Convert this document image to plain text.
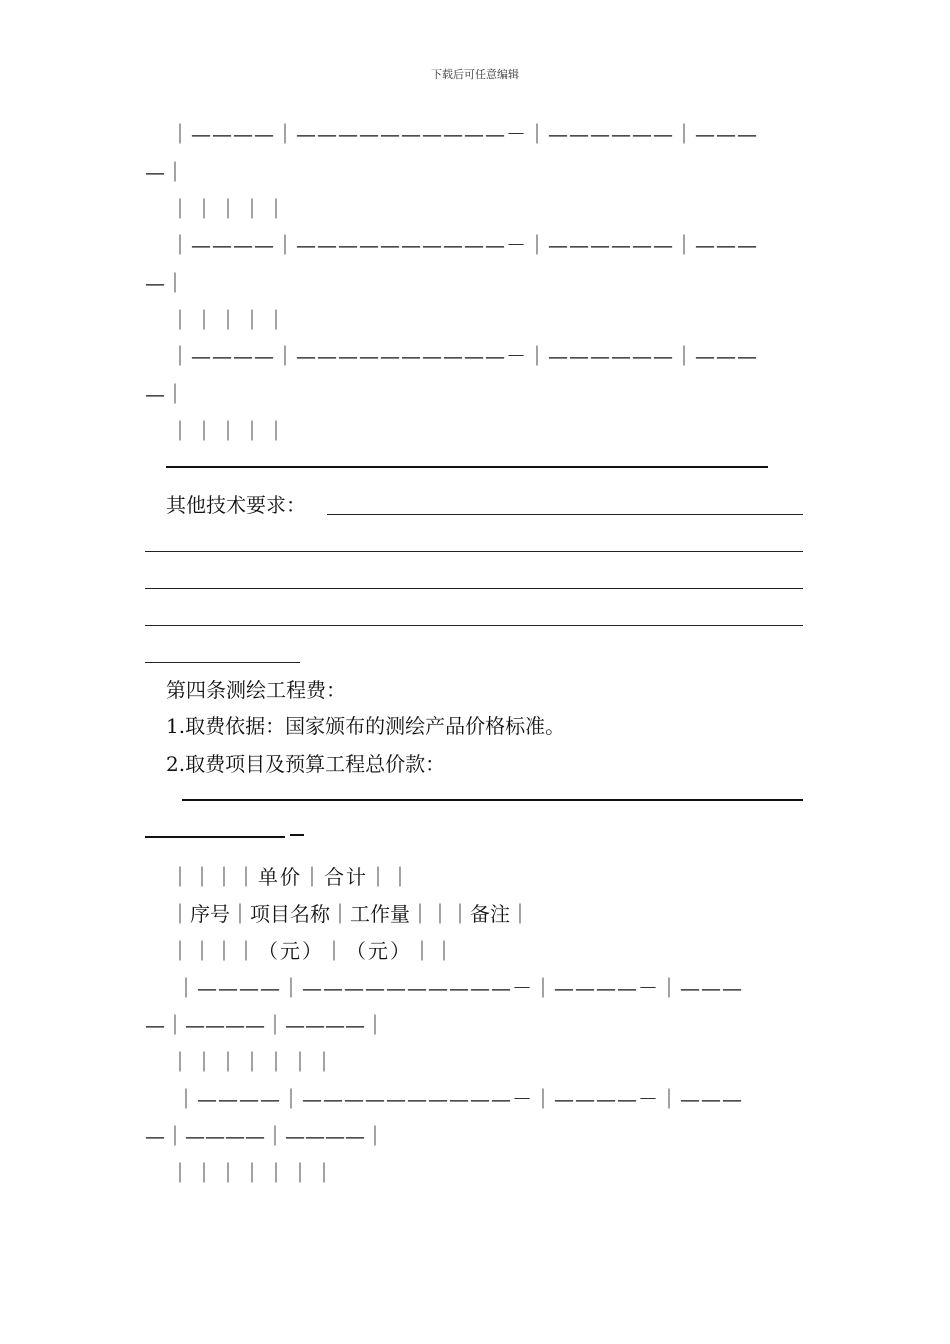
下载后可任意编辑
｜————｜——————————－｜——————｜———
—｜
｜｜｜｜｜
｜————｜——————————－｜——————｜———
—｜
｜｜｜｜｜
｜————｜——————————－｜——————｜———
—｜
｜｜｜｜｜
其他技术要求：
第四条测绘工程费：
1.取费依据：国家颁布的测绘产品价格标准。
2.取费项目及预算工程总价款：
｜｜｜｜单价｜合计｜｜
｜序号｜项目名称｜工作量｜｜｜备注｜
｜｜｜｜（元）｜（元）｜｜
｜————｜——————————－｜————－｜———
—｜————｜————｜
｜｜｜｜｜｜｜
｜————｜——————————－｜————－｜———
—｜————｜————｜
｜｜｜｜｜｜｜
